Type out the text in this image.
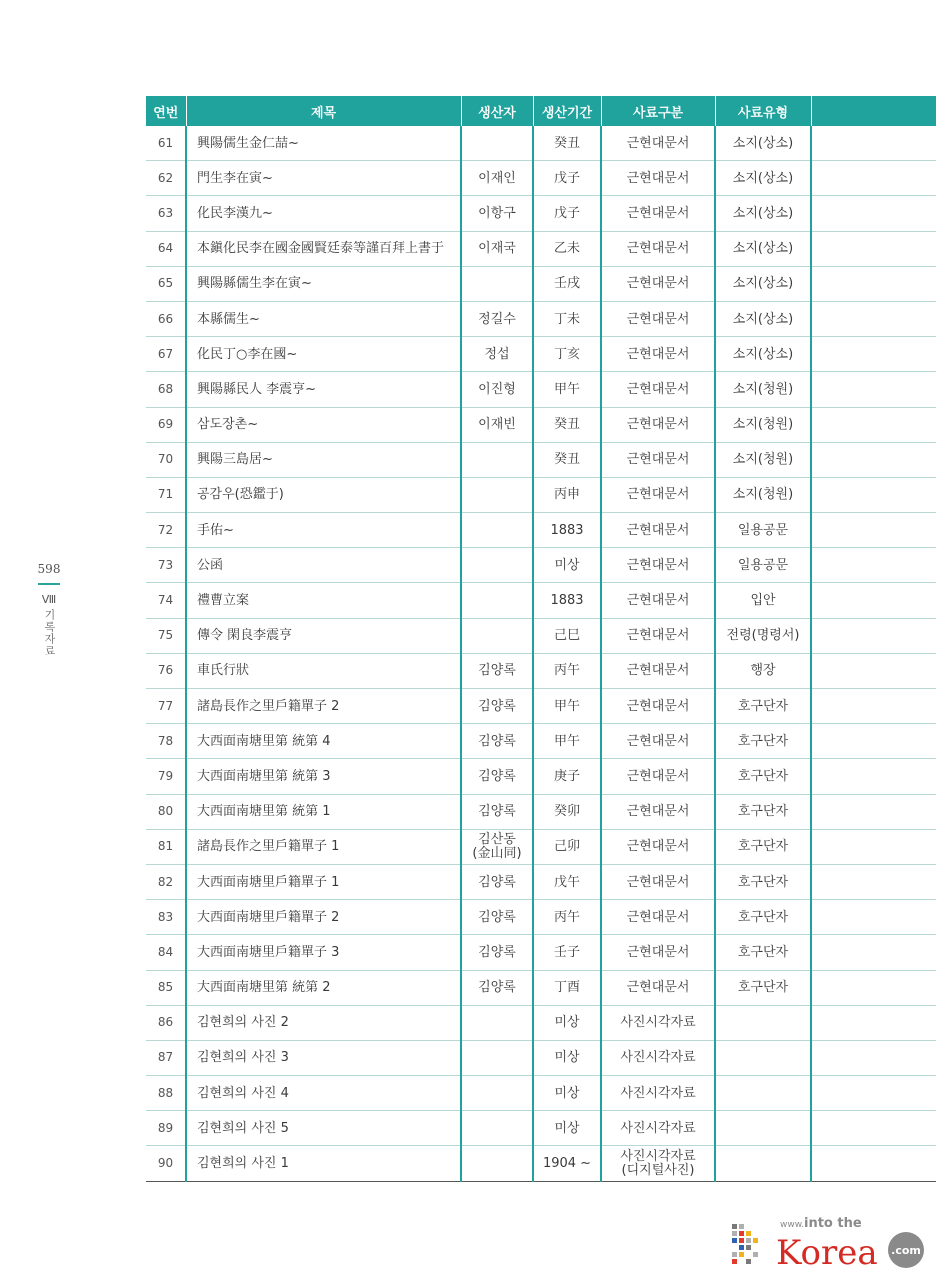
598
Ⅷ
기록자료
연번	제목	생산자	생산기간	사료구분	사료유형	
61	興陽儒生金仁喆~		癸丑	근현대문서	소지(상소)	
62	門生李在寅~	이재인	戊子	근현대문서	소지(상소)	
63	化民李漢九~	이항구	戊子	근현대문서	소지(상소)	
64	本鎭化民李在國金國賢廷泰等謹百拜上書于	이재국	乙未	근현대문서	소지(상소)	
65	興陽縣儒生李在寅~		壬戌	근현대문서	소지(상소)	
66	本縣儒生~	정길수	丁未	근현대문서	소지(상소)	
67	化民丁○李在國~	정섭	丁亥	근현대문서	소지(상소)	
68	興陽縣民人 李震亨~	이진형	甲午	근현대문서	소지(청원)	
69	삼도장촌~	이재빈	癸丑	근현대문서	소지(청원)	
70	興陽三島居~		癸丑	근현대문서	소지(청원)	
71	공감우(恐鑑于)		丙申	근현대문서	소지(청원)	
72	手佑~		1883	근현대문서	일용공문	
73	公函		미상	근현대문서	일용공문	
74	禮曹立案		1883	근현대문서	입안	
75	傳令 閑良李震亨		己巳	근현대문서	전령(명령서)	
76	車氏行狀	김양록	丙午	근현대문서	행장	
77	諸島長作之里戶籍單子 2	김양록	甲午	근현대문서	호구단자	
78	大西面南塘里第 統第 4	김양록	甲午	근현대문서	호구단자	
79	大西面南塘里第 統第 3	김양록	庚子	근현대문서	호구단자	
80	大西面南塘里第 統第 1	김양록	癸卯	근현대문서	호구단자	
81	諸島長作之里戶籍單子 1	김산동
(金山同)	己卯	근현대문서	호구단자	
82	大西面南塘里戶籍單子 1	김양록	戊午	근현대문서	호구단자	
83	大西面南塘里戶籍單子 2	김양록	丙午	근현대문서	호구단자	
84	大西面南塘里戶籍單子 3	김양록	壬子	근현대문서	호구단자	
85	大西面南塘里第 統第 2	김양록	丁酉	근현대문서	호구단자	
86	김현희의 사진 2		미상	사진시각자료		
87	김현희의 사진 3		미상	사진시각자료		
88	김현희의 사진 4		미상	사진시각자료		
89	김현희의 사진 5		미상	사진시각자료		
90	김현희의 사진 1		1904 ~	사진시각자료
(디지털사진)		
www. into the
Korea .com
